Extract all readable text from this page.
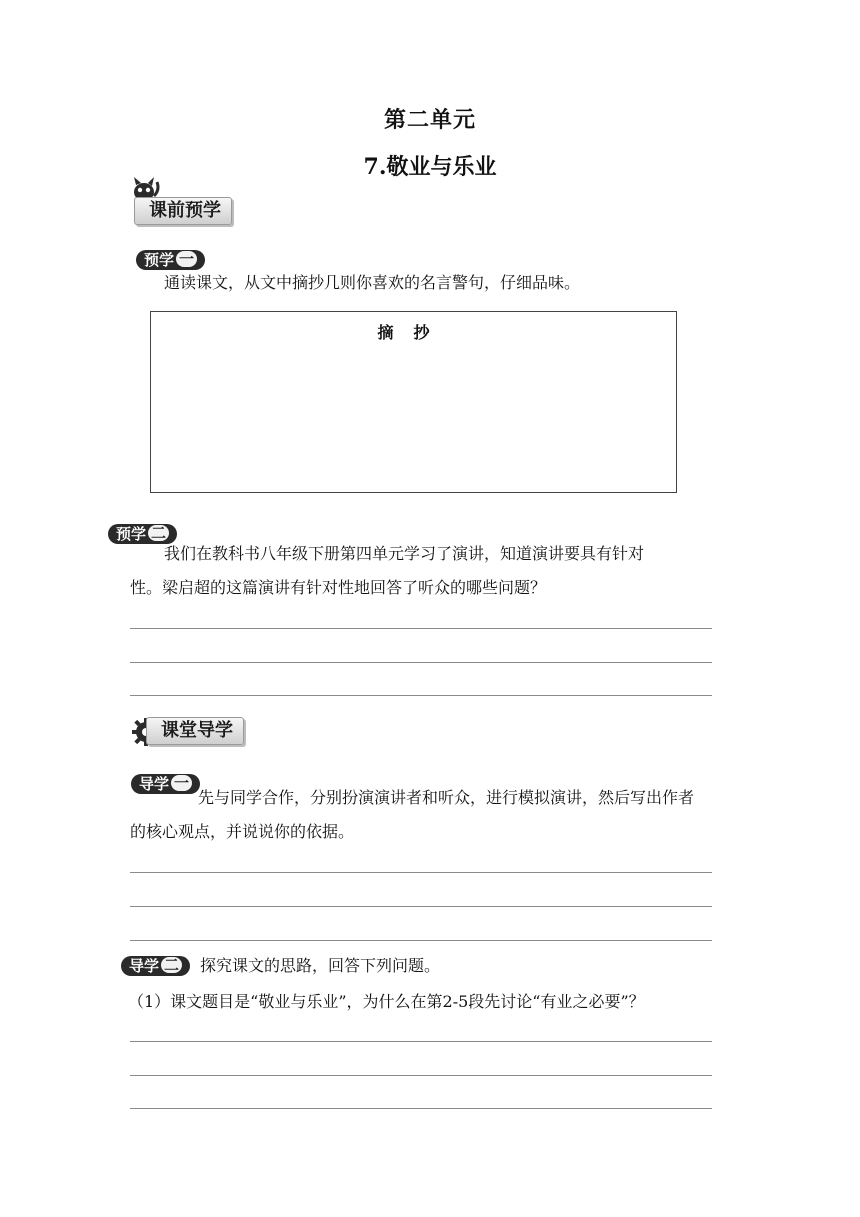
第二单元
7.敬业与乐业
课前预学
预学 一
通读课文，从文中摘抄几则你喜欢的名言警句，仔细品味。
摘抄
预学 二
我们在教科书八年级下册第四单元学习了演讲，知道演讲要具有针对
性。梁启超的这篇演讲有针对性地回答了听众的哪些问题？
课堂导学
导学 一
先与同学合作，分别扮演演讲者和听众，进行模拟演讲，然后写出作者
的核心观点，并说说你的依据。
导学 二	探究课文的思路，回答下列问题。
（1）课文题目是“敬业与乐业”，为什么在第2-5段先讨论“有业之必要”？
